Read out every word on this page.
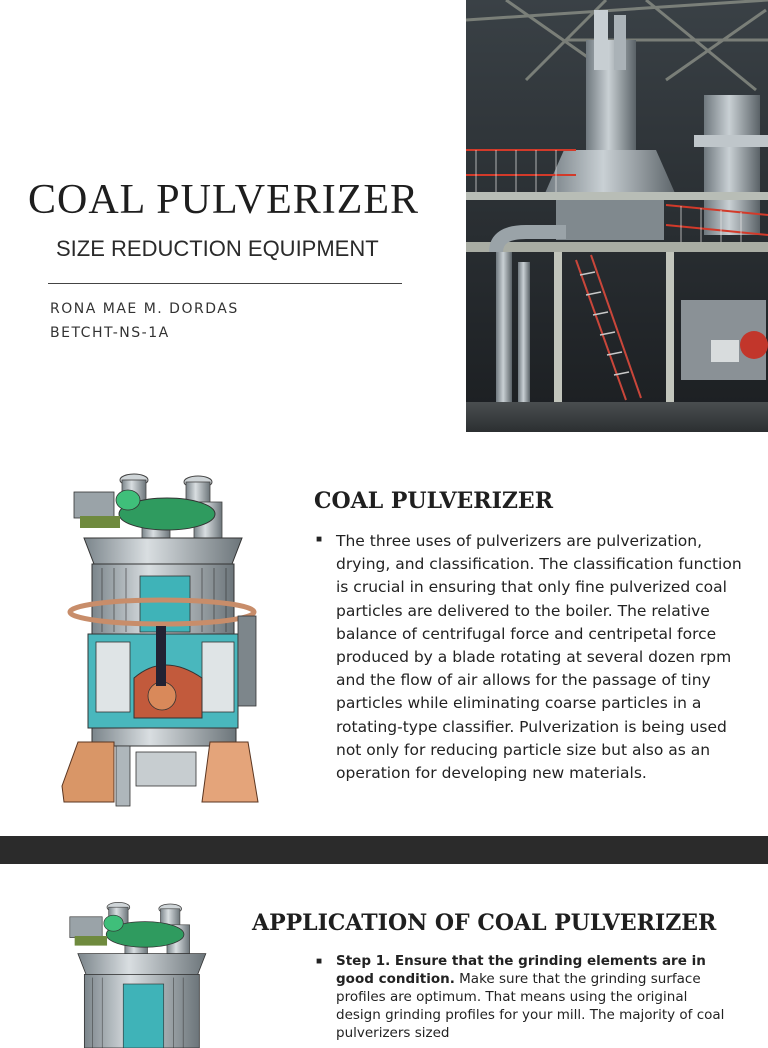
COAL PULVERIZER
SIZE REDUCTION EQUIPMENT
RONA MAE M. DORDAS
BETCHT-NS-1A
COAL PULVERIZER
■ The three uses of pulverizers are pulverization, drying, and classification. The classification function is crucial in ensuring that only fine pulverized coal particles are delivered to the boiler. The relative balance of centrifugal force and centripetal force produced by a blade rotating at several dozen rpm and the flow of air allows for the passage of tiny particles while eliminating coarse particles in a rotating-type classifier. Pulverization is being used not only for reducing particle size but also as an operation for developing new materials.
APPLICATION OF COAL PULVERIZER
■ Step 1. Ensure that the grinding elements are in good condition. Make sure that the grinding surface profiles are optimum. That means using the original design grinding profiles for your mill. The majority of coal pulverizers sized
